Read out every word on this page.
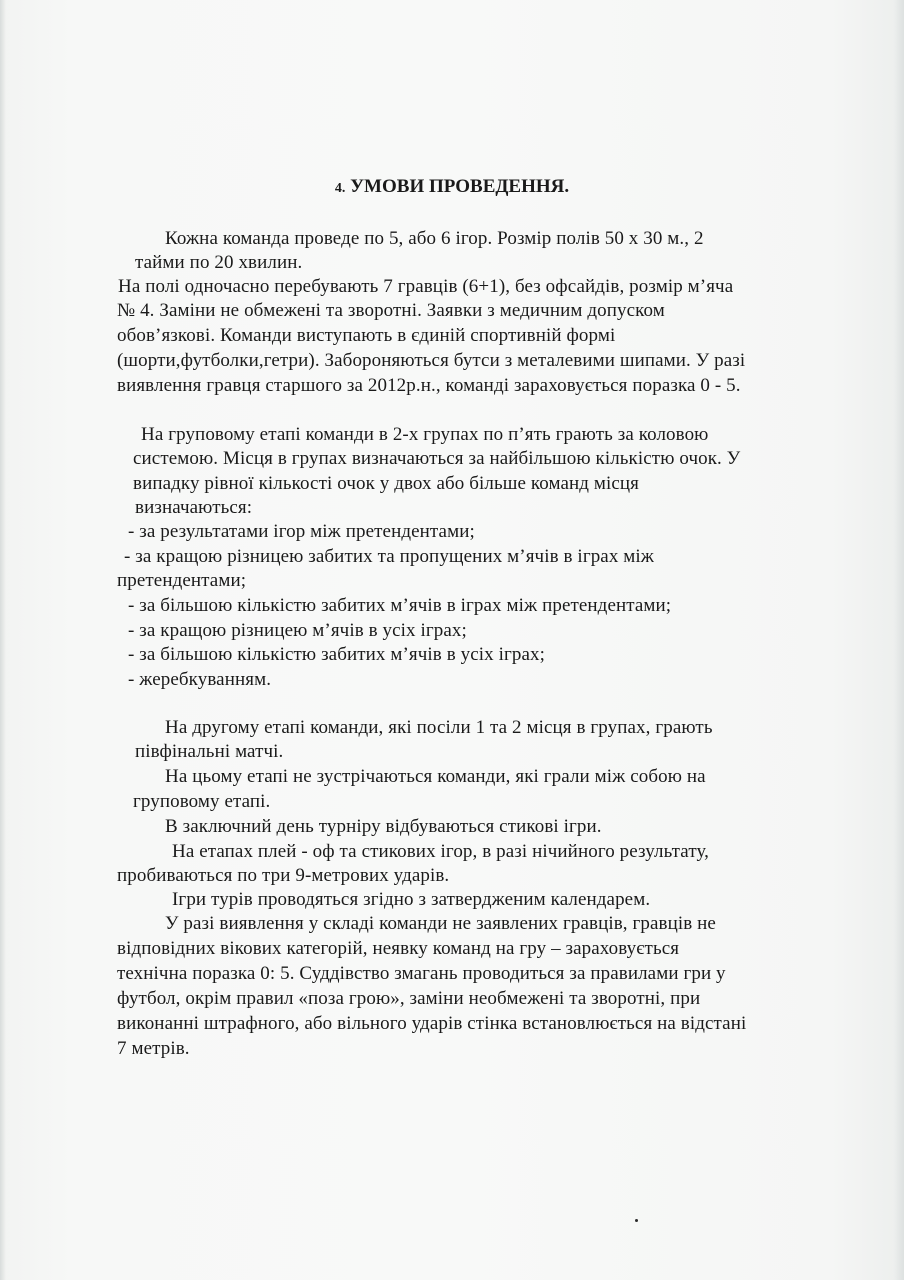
4. УМОВИ ПРОВЕДЕННЯ.
Кожна команда проведе по 5, або 6 ігор. Розмір полів 50 х 30 м., 2
тайми по 20 хвилин.
На полі одночасно перебувають 7 гравців (6+1), без офсайдів, розмір м’яча
№ 4. Заміни не обмежені та зворотні. Заявки з медичним допуском
обов’язкові. Команди виступають в єдиній спортивній формі
(шорти,футболки,гетри). Забороняються бутси з металевими шипами. У разі
виявлення гравця старшого за 2012р.н., команді зараховується поразка 0 - 5.
На груповому етапі команди в 2-х групах по п’ять грають за коловою
системою. Місця в групах визначаються за найбільшою кількістю очок. У
випадку рівної кількості очок у двох або більше команд місця
визначаються:
- за результатами ігор між претендентами;
- за кращою різницею забитих та пропущених м’ячів в іграх між
претендентами;
- за більшою кількістю забитих м’ячів в іграх між претендентами;
- за кращою різницею м’ячів в усіх іграх;
- за більшою кількістю забитих м’ячів в усіх іграх;
- жеребкуванням.
На другому етапі команди, які посіли 1 та 2 місця в групах, грають
півфінальні матчі.
На цьому етапі не зустрічаються команди, які грали між собою на
груповому етапі.
В заключний день турніру відбуваються стикові ігри.
На етапах плей - оф та стикових ігор, в разі нічийного результату,
пробиваються по три 9-метрових ударів.
Ігри турів проводяться згідно з затвердженим календарем.
У разі виявлення у складі команди не заявлених гравців, гравців не
відповідних вікових категорій, неявку команд на гру – зараховується
технічна поразка 0: 5. Суддівство змагань проводиться за правилами гри у
футбол, окрім правил «поза грою», заміни необмежені та зворотні, при
виконанні штрафного, або вільного ударів стінка встановлюється на відстані
7 метрів.
